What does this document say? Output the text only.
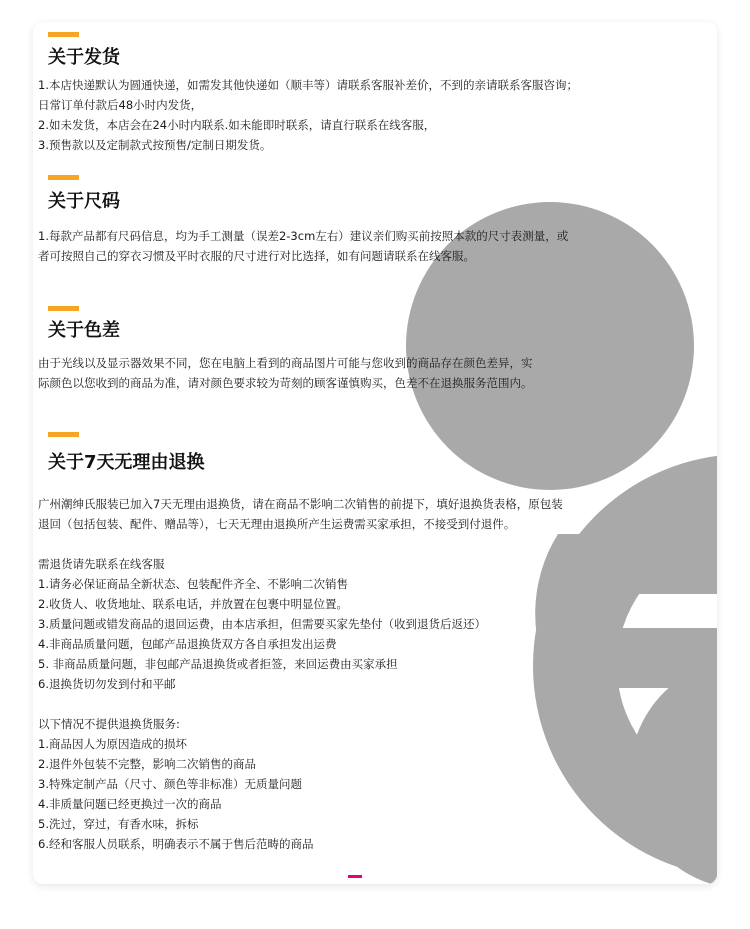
关于发货
1.本店快递默认为圆通快递，如需发其他快递如（顺丰等）请联系客服补差价，不到的亲请联系客服咨询；
日常订单付款后48小时内发货，
2.如未发货，本店会在24小时内联系.如未能即时联系，请直行联系在线客服，
3.预售款以及定制款式按预售/定制日期发货。
关于尺码
1.每款产品都有尺码信息，均为手工测量（误差2-3cm左右）建议亲们购买前按照本款的尺寸表测量，或
者可按照自己的穿衣习惯及平时衣服的尺寸进行对比选择，如有问题请联系在线客服。
关于色差
由于光线以及显示器效果不同，您在电脑上看到的商品图片可能与您收到的商品存在颜色差异，实
际颜色以您收到的商品为准，请对颜色要求较为苛刻的顾客谨慎购买，色差不在退换服务范围内。
关于7天无理由退换
广州潮绅氏服装已加入7天无理由退换货，请在商品不影响二次销售的前提下，填好退换货表格，原包装
退回（包括包装、配件、赠品等），七天无理由退换所产生运费需买家承担，不接受到付退件。
需退货请先联系在线客服
1.请务必保证商品全新状态、包装配件齐全、不影响二次销售
2.收货人、收货地址、联系电话，并放置在包裹中明显位置。
3.质量问题或错发商品的退回运费，由本店承担，但需要买家先垫付（收到退货后返还）
4.非商品质量问题，包邮产品退换货双方各自承担发出运费
5. 非商品质量问题，非包邮产品退换货或者拒签，来回运费由买家承担
6.退换货切勿发到付和平邮
以下情况不提供退换货服务:
1.商品因人为原因造成的损坏
2.退件外包装不完整，影响二次销售的商品
3.特殊定制产品（尺寸、颜色等非标准）无质量问题
4.非质量问题已经更换过一次的商品
5.洗过，穿过，有香水味，拆标
6.经和客服人员联系，明确表示不属于售后范畴的商品
